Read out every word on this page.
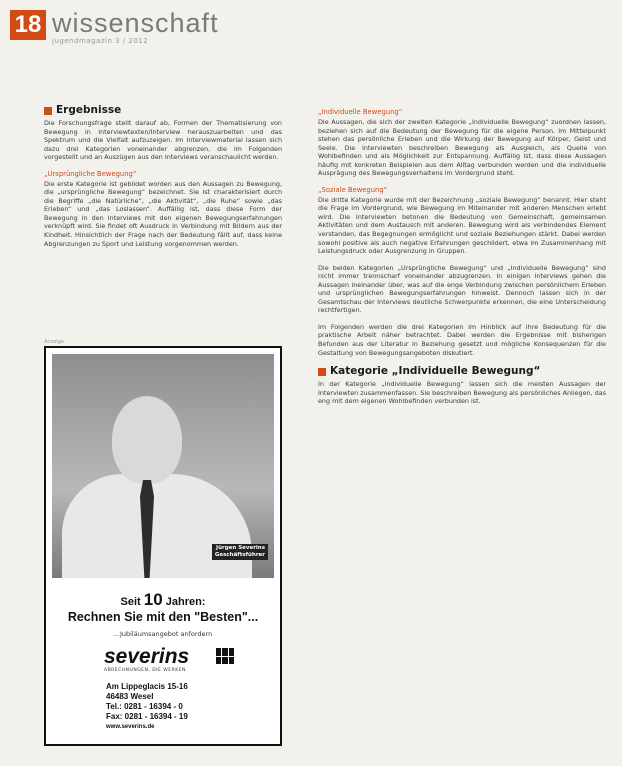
18 wissenschaft
jugendmagazin 3 / 2012
Ergebnisse

Die Forschungsfrage stellt darauf ab, Formen der Thematisierung von Bewegung in Interviewtexten/Interview herauszuarbeiten und das Spektrum und die Vielfalt aufzuzeigen. Im Interviewmaterial lassen sich dazu drei Kategorien voneinander abgrenzen, die im Folgenden vorgestellt und an Auszügen aus den Interviews veranschaulicht werden.

„Ursprüngliche Bewegung“

Die erste Kategorie ist gebildet worden aus den Aussagen zu Bewegung, die „ursprüngliche Bewegung“ bezeichnet. Sie ist charakterisiert durch die Begriffe „die Natürliche“, „die Aktivität“, „die Ruhe“ sowie „das Erleben“ und „das Loslassen“. Auffällig ist, dass diese Form der Bewegung in den Interviews mit den eigenen Bewegungserfahrungen verknüpft wird. Sie findet oft Ausdruck in Verbindung mit Bildern aus der Kindheit. Hinsichtlich der Frage nach der Bedeutung fällt auf, dass keine Abgrenzungen zu Sport und Leistung vorgenommen werden.

Anzeige
Jürgen Severins
Geschäftsführer
Seit 10 Jahren:
Rechnen Sie mit den "Besten"...
...Jubiläumsangebot anfordern
severins
ABRECHNUNGEN, DIE WERKEN
Am Lippeglacis 15-16
46483 Wesel
Tel.: 0281 - 16394 - 0
Fax: 0281 - 16394 - 19
www.severins.de
„Individuelle Bewegung“

Die Aussagen, die sich der zweiten Kategorie „Individuelle Bewegung“ zuordnen lassen, beziehen sich auf die Bedeutung der Bewegung für die eigene Person. Im Mittelpunkt stehen das persönliche Erleben und die Wirkung der Bewegung auf Körper, Geist und Seele. Die Interviewten beschreiben Bewegung als Ausgleich, als Quelle von Wohlbefinden und als Möglichkeit zur Entspannung. Auffällig ist, dass diese Aussagen häufig mit konkreten Beispielen aus dem Alltag verbunden werden und die individuelle Ausprägung des Bewegungsverhaltens im Vordergrund steht.

„Soziale Bewegung“

Die dritte Kategorie wurde mit der Bezeichnung „soziale Bewegung“ benannt. Hier steht die Frage im Vordergrund, wie Bewegung im Miteinander mit anderen Menschen erlebt wird. Die Interviewten betonen die Bedeutung von Gemeinschaft, gemeinsamen Aktivitäten und dem Austausch mit anderen. Bewegung wird als verbindendes Element verstanden, das Begegnungen ermöglicht und soziale Beziehungen stärkt. Dabei werden sowohl positive als auch negative Erfahrungen geschildert, etwa im Zusammenhang mit Leistungsdruck oder Ausgrenzung in Gruppen.

Die beiden Kategorien „Ursprüngliche Bewegung“ und „Individuelle Bewegung“ sind nicht immer trennscharf voneinander abzugrenzen. In einigen Interviews gehen die Aussagen ineinander über, was auf die enge Verbindung zwischen persönlichem Erleben und ursprünglichen Bewegungserfahrungen hinweist. Dennoch lassen sich in der Gesamtschau der Interviews deutliche Schwerpunkte erkennen, die eine Unterscheidung rechtfertigen.

Im Folgenden werden die drei Kategorien im Hinblick auf ihre Bedeutung für die praktische Arbeit näher betrachtet. Dabei werden die Ergebnisse mit bisherigen Befunden aus der Literatur in Beziehung gesetzt und mögliche Konsequenzen für die Gestaltung von Bewegungsangeboten diskutiert.

Kategorie „Individuelle Bewegung“

In der Kategorie „Individuelle Bewegung“ lassen sich die meisten Aussagen der Interviewten zusammenfassen. Sie beschreiben Bewegung als persönliches Anliegen, das eng mit dem eigenen Wohlbefinden verbunden ist.
